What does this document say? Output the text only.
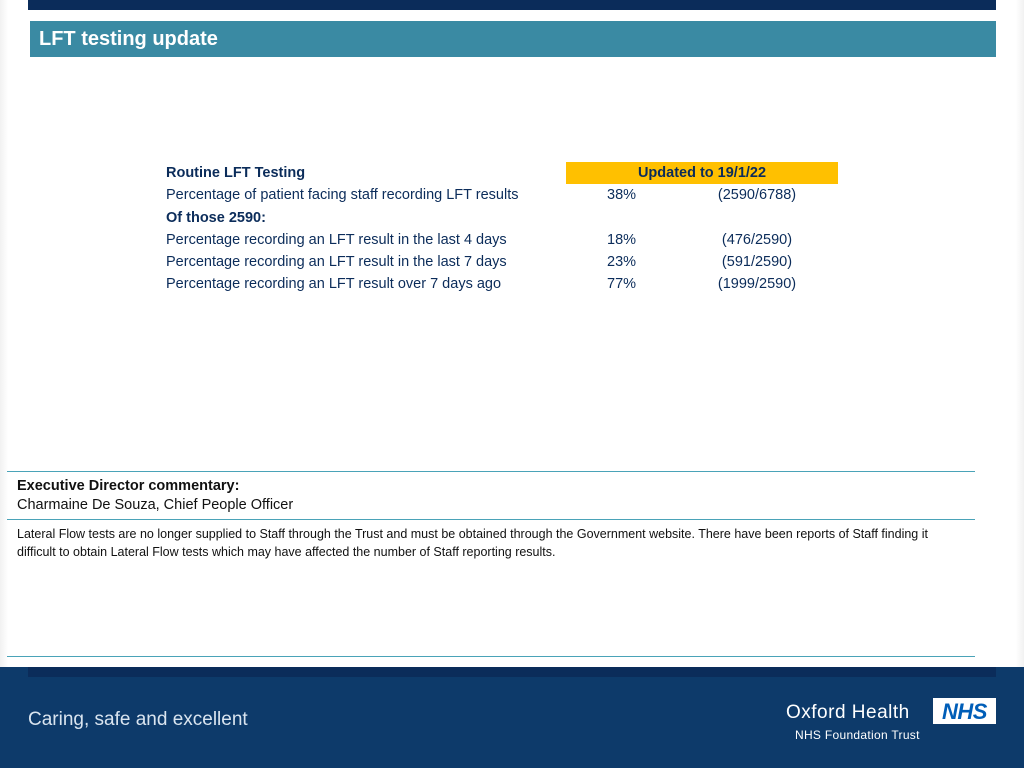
LFT testing update
Routine LFT Testing	Updated to 19/1/22
Percentage of patient facing staff recording LFT results	38%	(2590/6788)
Of those 2590:
Percentage recording an LFT result in the last 4 days	18%	(476/2590)
Percentage recording an LFT result in the last 7 days	23%	(591/2590)
Percentage recording an LFT result over 7 days ago	77%	(1999/2590)
Executive Director commentary:
Charmaine De Souza, Chief People Officer
Lateral Flow tests are no longer supplied to Staff through the Trust and must be obtained through the Government website. There have been reports of Staff finding it difficult to obtain Lateral Flow tests which may have affected the number of Staff reporting results.
Caring, safe and excellent	Oxford Health
NHS Foundation Trust
NHS
